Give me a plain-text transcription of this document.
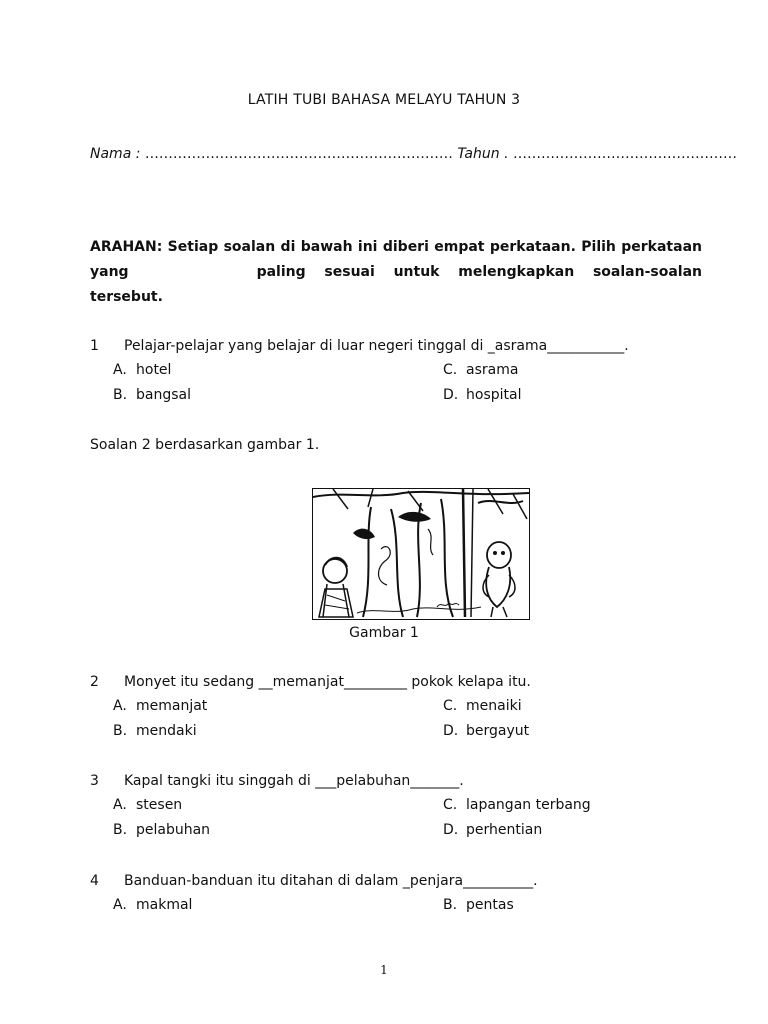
LATIH TUBI BAHASA MELAYU TAHUN 3
Nama : ………………………………………………………… Tahun . …………………………………………
ARAHAN: Setiap soalan di bawah ini diberi empat perkataan. Pilih perkataan yang	paling sesuai untuk melengkapkan soalan-soalan tersebut.
1 Pelajar-pelajar yang belajar di luar negeri tinggal di _asrama___________.
A. hotel	C. asrama
B. bangsal	D. hospital
Soalan 2 berdasarkan gambar 1.
Gambar 1
2 Monyet itu sedang __memanjat_________ pokok kelapa itu.
A. memanjat	C. menaiki
B. mendaki	D. bergayut
3 Kapal tangki itu singgah di ___pelabuhan_______.
A. stesen	C. lapangan terbang
B. pelabuhan	D. perhentian
4 Banduan-banduan itu ditahan di dalam _penjara__________.
A. makmal	B. pentas
1
